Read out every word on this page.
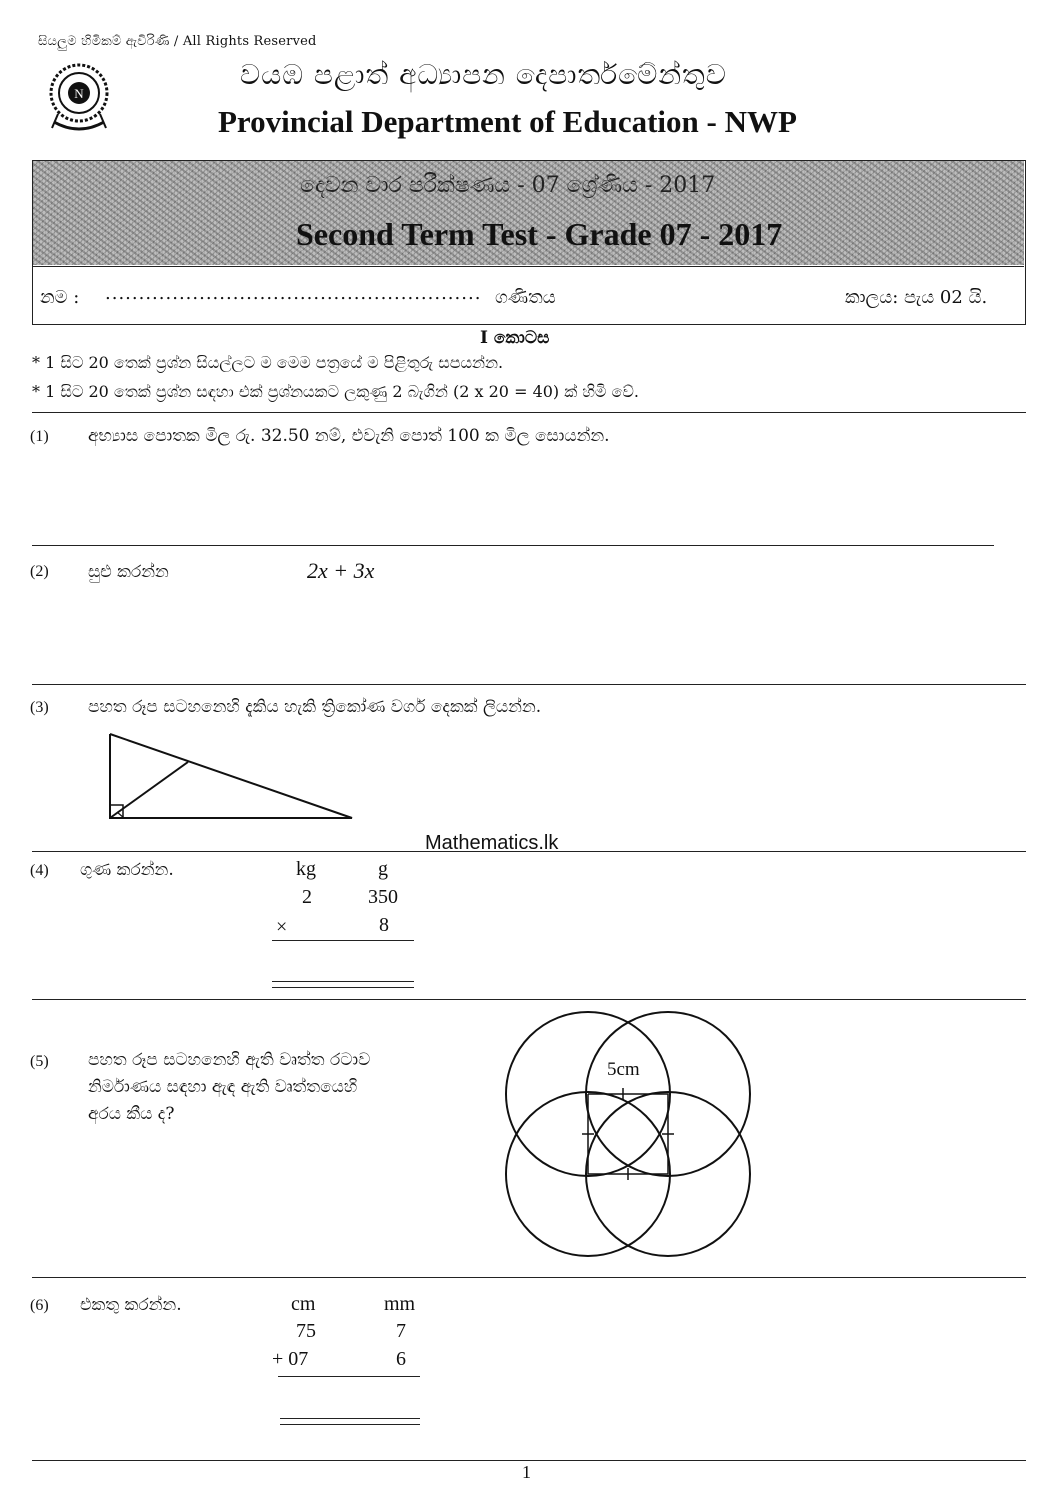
සියලුම හිමිකම් ඇවිරිණි / All Rights Reserved
N
වයඹ පළාත් අධ්‍යාපන දෙපාර්තමේන්තුව
Provincial Department of Education - NWP
දෙවන වාර පරීක්ෂණය - 07 ශ්‍රේණිය - 2017
Second Term Test - Grade 07 - 2017
නම : ........................................................ ගණිතය	කාලය: පැය 02 යි.
I කොටස
* 1 සිට 20 තෙක් ප්‍රශ්න සියල්ලට ම මෙම පත්‍රයේ ම පිළිතුරු සපයන්න.
* 1 සිට 20 තෙක් ප්‍රශ්න සඳහා එක් ප්‍රශ්නයකට ලකුණු 2 බැගින් (2 x 20 = 40) ක් හිමි වේ.
(1) අභ්‍යාස පොතක මිල රු. 32.50 නම්, එවැනි පොත් 100 ක මිල සොයන්න.
(2) සුළු කරන්න	2x + 3x
(3) පහත රූප සටහනෙහි දැකිය හැකි ත්‍රිකෝණ වර්ග දෙකක් ලියන්න.
Mathematics.lk
(4) ගුණ කරන්න.	kg	g
2	350
×	8
(5) පහත රූප සටහනෙහි ඇති වෘත්ත රටාව
නිර්මාණය සඳහා ඇඳ ඇති වෘත්තයෙහි
අරය කීය ද?
5cm
(6) එකතු කරන්න.	cm	mm
75	7
+ 07	6
1
